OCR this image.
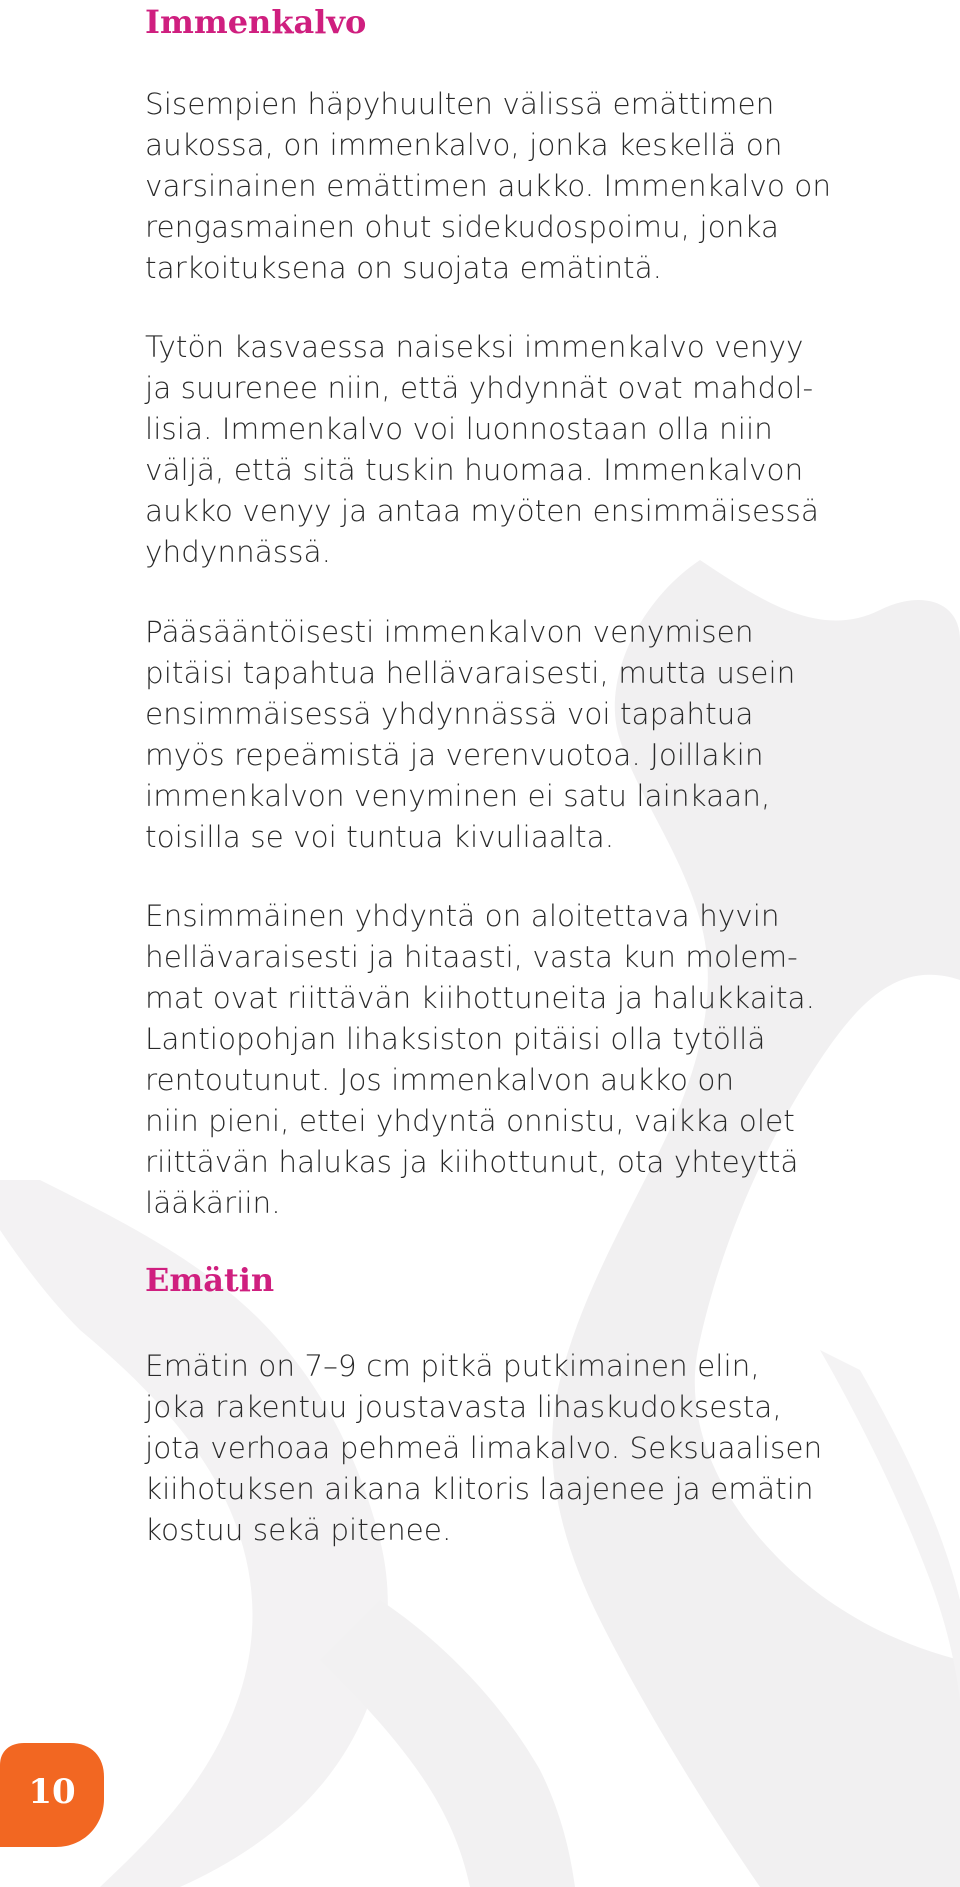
Immenkalvo

Sisempien häpyhuulten välissä emättimen
aukossa, on immenkalvo, jonka keskellä on
varsinainen emättimen aukko. Immenkalvo on
rengasmainen ohut sidekudospoimu, jonka
tarkoituksena on suojata emätintä.

Tytön kasvaessa naiseksi immenkalvo venyy
ja suurenee niin, että yhdynnät ovat mahdol-
lisia. Immenkalvo voi luonnostaan olla niin
väljä, että sitä tuskin huomaa. Immenkalvon
aukko venyy ja antaa myöten ensimmäisessä
yhdynnässä.

Pääsääntöisesti immenkalvon venymisen
pitäisi tapahtua hellävaraisesti, mutta usein
ensimmäisessä yhdynnässä voi tapahtua
myös repeämistä ja verenvuotoa. Joillakin
immenkalvon venyminen ei satu lainkaan,
toisilla se voi tuntua kivuliaalta.

Ensimmäinen yhdyntä on aloitettava hyvin
hellävaraisesti ja hitaasti, vasta kun molem-
mat ovat riittävän kiihottuneita ja halukkaita.
Lantiopohjan lihaksiston pitäisi olla tytöllä
rentoutunut. Jos immenkalvon aukko on
niin pieni, ettei yhdyntä onnistu, vaikka olet
riittävän halukas ja kiihottunut, ota yhteyttä
lääkäriin.

Emätin

Emätin on 7–9 cm pitkä putkimainen elin,
joka rakentuu joustavasta lihaskudoksesta,
jota verhoaa pehmeä limakalvo. Seksuaalisen
kiihotuksen aikana klitoris laajenee ja emätin
kostuu sekä pitenee.

10
